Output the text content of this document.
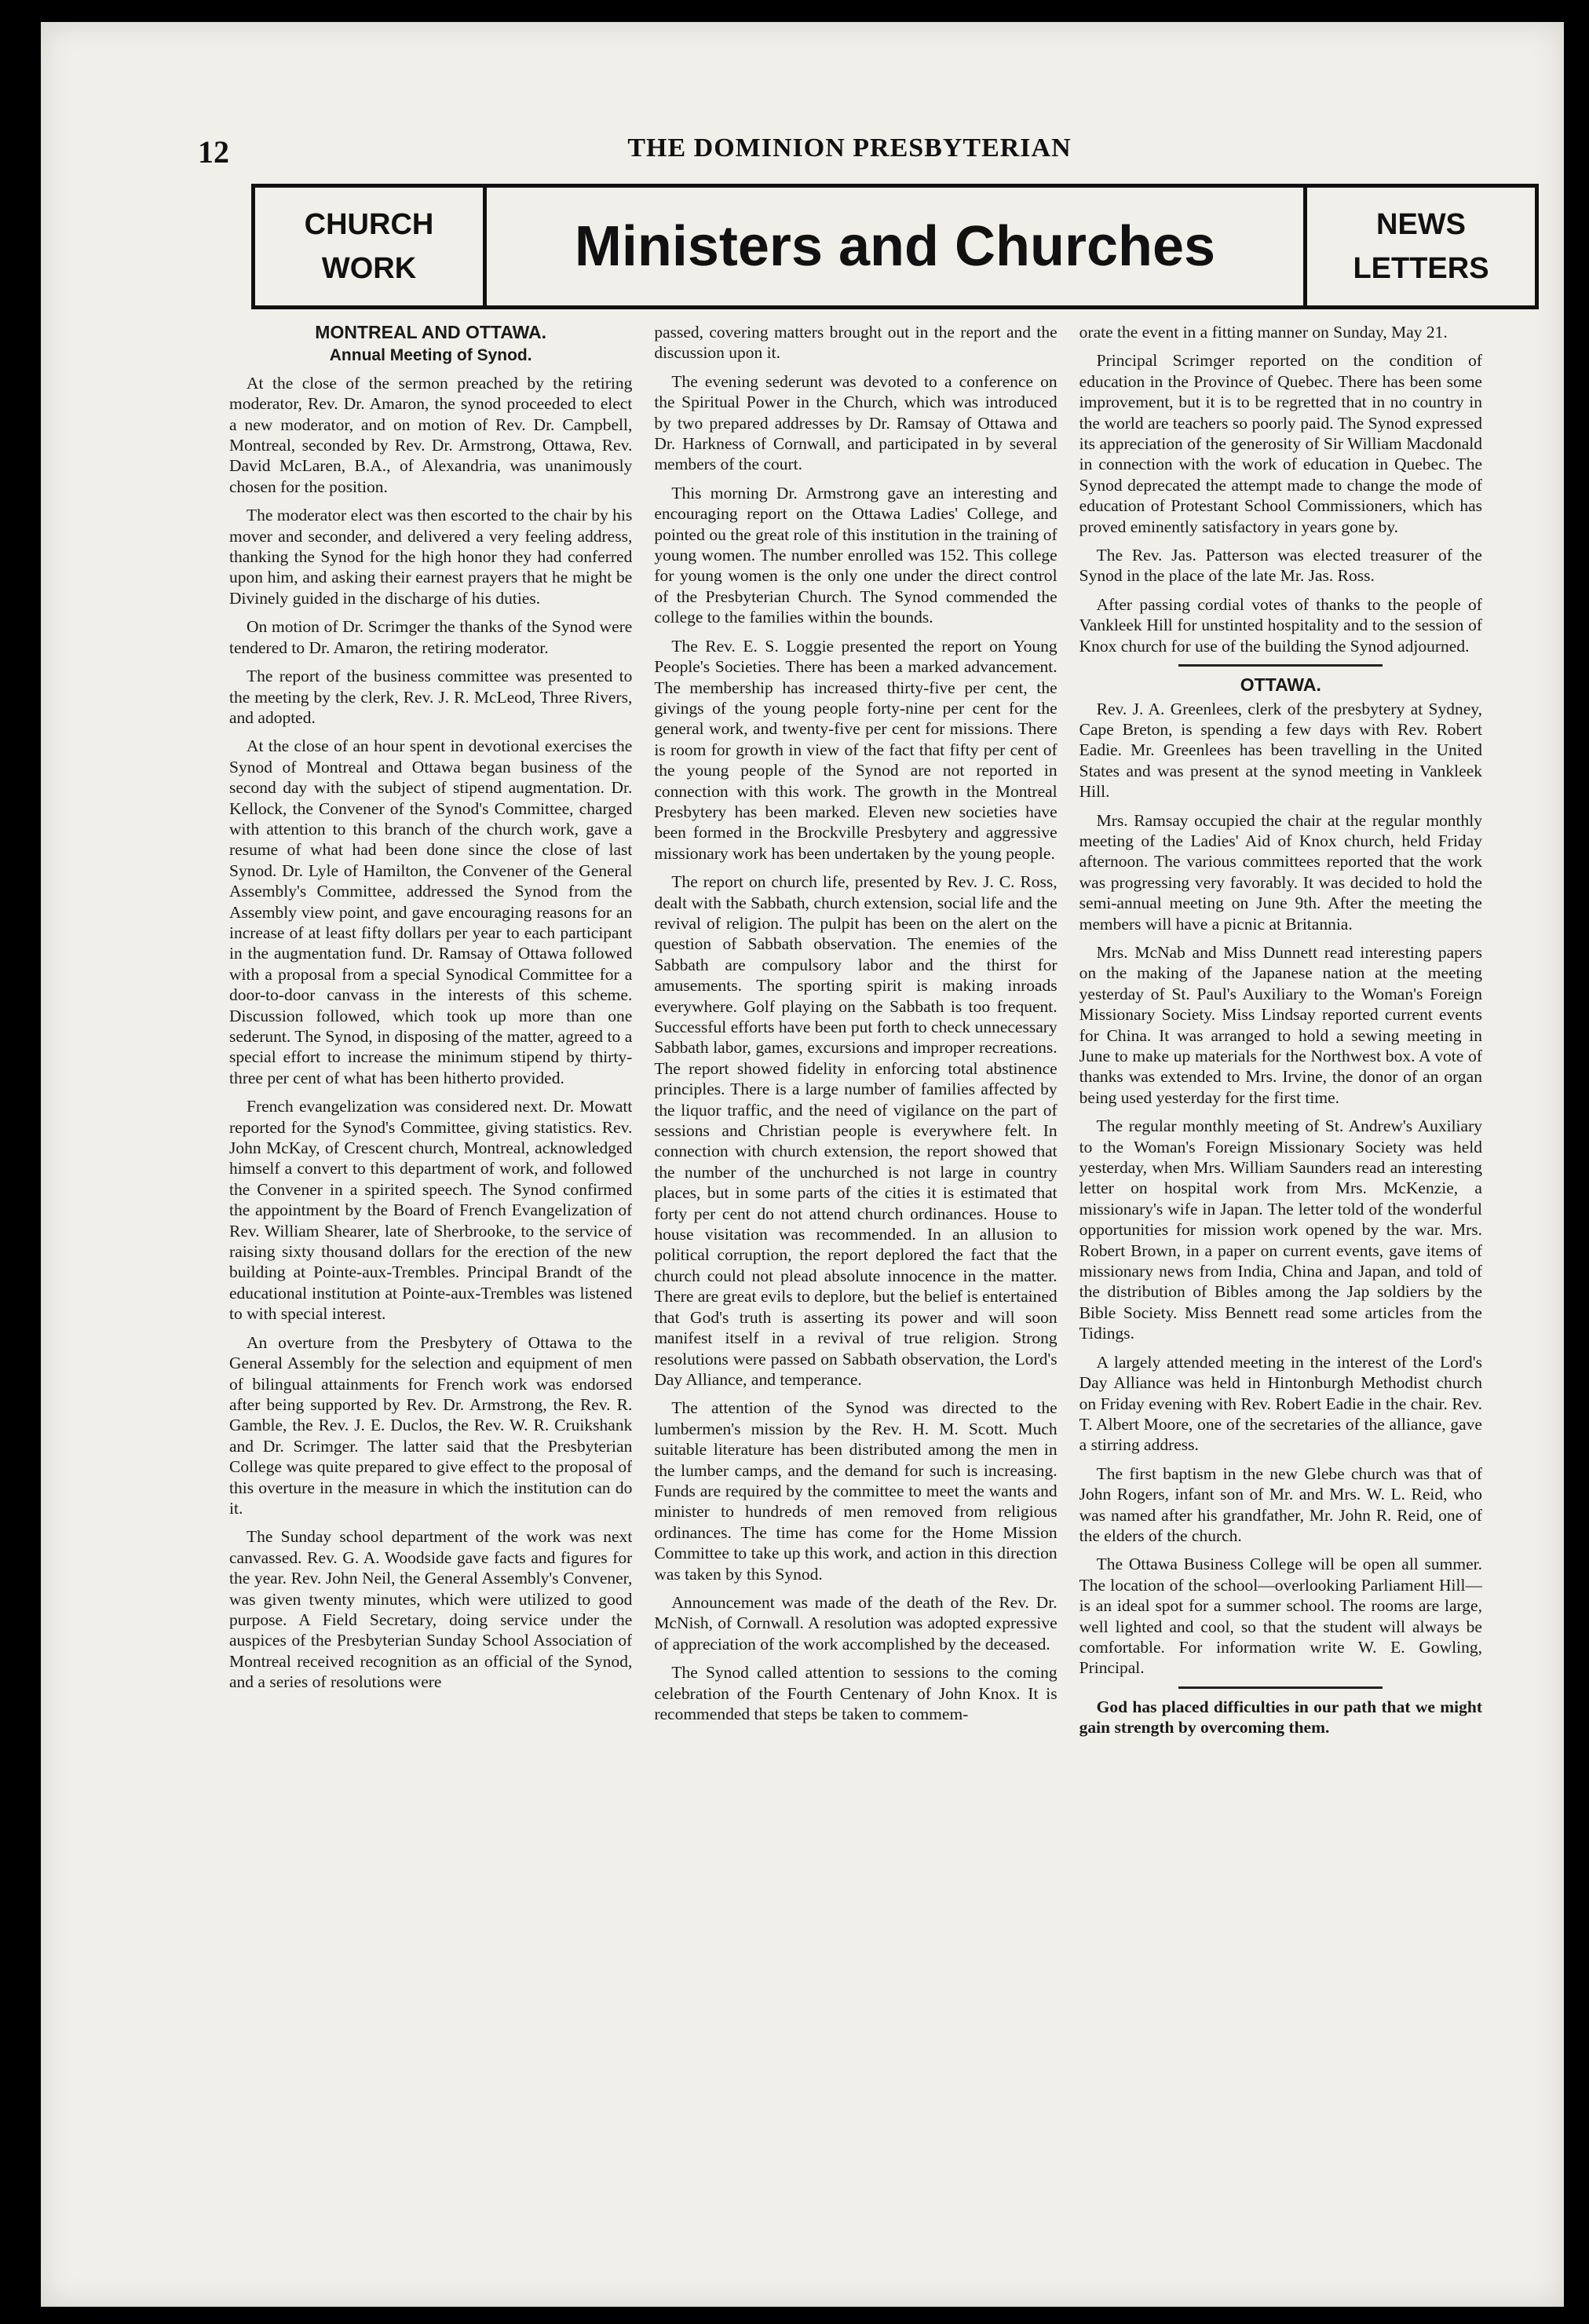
12	THE DOMINION PRESBYTERIAN
CHURCH
WORK	Ministers and Churches	NEWS
LETTERS
MONTREAL AND OTTAWA.
Annual Meeting of Synod.

At the close of the sermon preached by the retiring moderator, Rev. Dr. Amaron, the synod proceeded to elect a new moderator, and on motion of Rev. Dr. Campbell, Montreal, seconded by Rev. Dr. Armstrong, Ottawa, Rev. David McLaren, B.A., of Alexandria, was unanimously chosen for the position.

The moderator elect was then escorted to the chair by his mover and seconder, and delivered a very feeling address, thanking the Synod for the high honor they had conferred upon him, and asking their earnest prayers that he might be Divinely guided in the discharge of his duties.

On motion of Dr. Scrimger the thanks of the Synod were tendered to Dr. Amaron, the retiring moderator.

The report of the business committee was presented to the meeting by the clerk, Rev. J. R. McLeod, Three Rivers, and adopted.

At the close of an hour spent in devotional exercises the Synod of Montreal and Ottawa began business of the second day with the subject of stipend augmentation. Dr. Kellock, the Convener of the Synod's Committee, charged with attention to this branch of the church work, gave a resume of what had been done since the close of last Synod. Dr. Lyle of Hamilton, the Convener of the General Assembly's Committee, addressed the Synod from the Assembly view point, and gave encouraging reasons for an increase of at least fifty dollars per year to each participant in the augmentation fund. Dr. Ramsay of Ottawa followed with a proposal from a special Synodical Committee for a door-to-door canvass in the interests of this scheme. Discussion followed, which took up more than one sederunt. The Synod, in disposing of the matter, agreed to a special effort to increase the minimum stipend by thirty-three per cent of what has been hitherto provided.

French evangelization was considered next. Dr. Mowatt reported for the Synod's Committee, giving statistics. Rev. John McKay, of Crescent church, Montreal, acknowledged himself a convert to this department of work, and followed the Convener in a spirited speech. The Synod confirmed the appointment by the Board of French Evangelization of Rev. William Shearer, late of Sherbrooke, to the service of raising sixty thousand dollars for the erection of the new building at Pointe-aux-Trembles. Principal Brandt of the educational institution at Pointe-aux-Trembles was listened to with special interest.

An overture from the Presbytery of Ottawa to the General Assembly for the selection and equipment of men of bilingual attainments for French work was endorsed after being supported by Rev. Dr. Armstrong, the Rev. R. Gamble, the Rev. J. E. Duclos, the Rev. W. R. Cruikshank and Dr. Scrimger. The latter said that the Presbyterian College was quite prepared to give effect to the proposal of this overture in the measure in which the institution can do it.

The Sunday school department of the work was next canvassed. Rev. G. A. Woodside gave facts and figures for the year. Rev. John Neil, the General Assembly's Convener, was given twenty minutes, which were utilized to good purpose. A Field Secretary, doing service under the auspices of the Presbyterian Sunday School Association of Montreal received recognition as an official of the Synod, and a series of resolutions were

passed, covering matters brought out in the report and the discussion upon it.

The evening sederunt was devoted to a conference on the Spiritual Power in the Church, which was introduced by two prepared addresses by Dr. Ramsay of Ottawa and Dr. Harkness of Cornwall, and participated in by several members of the court.

This morning Dr. Armstrong gave an interesting and encouraging report on the Ottawa Ladies' College, and pointed ou the great role of this institution in the training of young women. The number enrolled was 152. This college for young women is the only one under the direct control of the Presbyterian Church. The Synod commended the college to the families within the bounds.

The Rev. E. S. Loggie presented the report on Young People's Societies. There has been a marked advancement. The membership has increased thirty-five per cent, the givings of the young people forty-nine per cent for the general work, and twenty-five per cent for missions. There is room for growth in view of the fact that fifty per cent of the young people of the Synod are not reported in connection with this work. The growth in the Montreal Presbytery has been marked. Eleven new societies have been formed in the Brockville Presbytery and aggressive missionary work has been undertaken by the young people.

The report on church life, presented by Rev. J. C. Ross, dealt with the Sabbath, church extension, social life and the revival of religion. The pulpit has been on the alert on the question of Sabbath observation. The enemies of the Sabbath are compulsory labor and the thirst for amusements. The sporting spirit is making inroads everywhere. Golf playing on the Sabbath is too frequent. Successful efforts have been put forth to check unnecessary Sabbath labor, games, excursions and improper recreations. The report showed fidelity in enforcing total abstinence principles. There is a large number of families affected by the liquor traffic, and the need of vigilance on the part of sessions and Christian people is everywhere felt. In connection with church extension, the report showed that the number of the unchurched is not large in country places, but in some parts of the cities it is estimated that forty per cent do not attend church ordinances. House to house visitation was recommended. In an allusion to political corruption, the report deplored the fact that the church could not plead absolute innocence in the matter. There are great evils to deplore, but the belief is entertained that God's truth is asserting its power and will soon manifest itself in a revival of true religion. Strong resolutions were passed on Sabbath observation, the Lord's Day Alliance, and temperance.

The attention of the Synod was directed to the lumbermen's mission by the Rev. H. M. Scott. Much suitable literature has been distributed among the men in the lumber camps, and the demand for such is increasing. Funds are required by the committee to meet the wants and minister to hundreds of men removed from religious ordinances. The time has come for the Home Mission Committee to take up this work, and action in this direction was taken by this Synod.

Announcement was made of the death of the Rev. Dr. McNish, of Cornwall. A resolution was adopted expressive of appreciation of the work accomplished by the deceased.

The Synod called attention to sessions to the coming celebration of the Fourth Centenary of John Knox. It is recommended that steps be taken to commem-

orate the event in a fitting manner on Sunday, May 21.

Principal Scrimger reported on the condition of education in the Province of Quebec. There has been some improvement, but it is to be regretted that in no country in the world are teachers so poorly paid. The Synod expressed its appreciation of the generosity of Sir William Macdonald in connection with the work of education in Quebec. The Synod deprecated the attempt made to change the mode of education of Protestant School Commissioners, which has proved eminently satisfactory in years gone by.

The Rev. Jas. Patterson was elected treasurer of the Synod in the place of the late Mr. Jas. Ross.

After passing cordial votes of thanks to the people of Vankleek Hill for unstinted hospitality and to the session of Knox church for use of the building the Synod adjourned.

OTTAWA.

Rev. J. A. Greenlees, clerk of the presbytery at Sydney, Cape Breton, is spending a few days with Rev. Robert Eadie. Mr. Greenlees has been travelling in the United States and was present at the synod meeting in Vankleek Hill.

Mrs. Ramsay occupied the chair at the regular monthly meeting of the Ladies' Aid of Knox church, held Friday afternoon. The various committees reported that the work was progressing very favorably. It was decided to hold the semi-annual meeting on June 9th. After the meeting the members will have a picnic at Britannia.

Mrs. McNab and Miss Dunnett read interesting papers on the making of the Japanese nation at the meeting yesterday of St. Paul's Auxiliary to the Woman's Foreign Missionary Society. Miss Lindsay reported current events for China. It was arranged to hold a sewing meeting in June to make up materials for the Northwest box. A vote of thanks was extended to Mrs. Irvine, the donor of an organ being used yesterday for the first time.

The regular monthly meeting of St. Andrew's Auxiliary to the Woman's Foreign Missionary Society was held yesterday, when Mrs. William Saunders read an interesting letter on hospital work from Mrs. McKenzie, a missionary's wife in Japan. The letter told of the wonderful opportunities for mission work opened by the war. Mrs. Robert Brown, in a paper on current events, gave items of missionary news from India, China and Japan, and told of the distribution of Bibles among the Jap soldiers by the Bible Society. Miss Bennett read some articles from the Tidings.

A largely attended meeting in the interest of the Lord's Day Alliance was held in Hintonburgh Methodist church on Friday evening with Rev. Robert Eadie in the chair. Rev. T. Albert Moore, one of the secretaries of the alliance, gave a stirring address.

The first baptism in the new Glebe church was that of John Rogers, infant son of Mr. and Mrs. W. L. Reid, who was named after his grandfather, Mr. John R. Reid, one of the elders of the church.

The Ottawa Business College will be open all summer. The location of the school—overlooking Parliament Hill—is an ideal spot for a summer school. The rooms are large, well lighted and cool, so that the student will always be comfortable. For information write W. E. Gowling, Principal.

God has placed difficulties in our path that we might gain strength by overcoming them.
